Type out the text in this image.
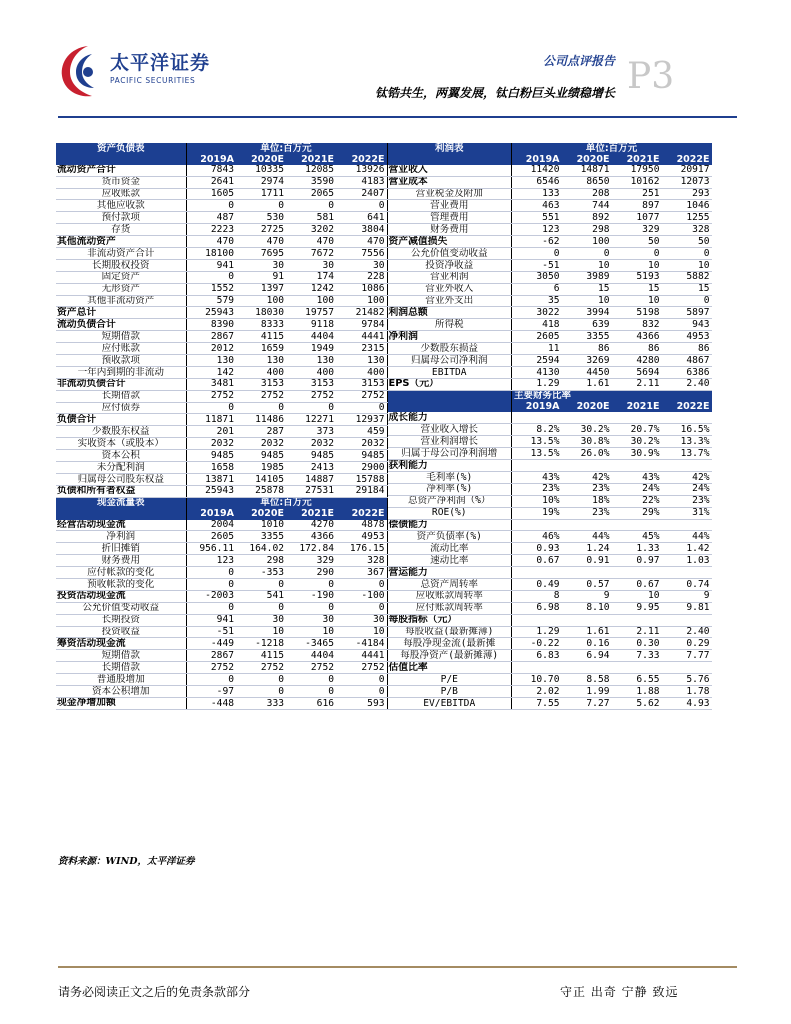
太平洋证券
PACIFIC SECURITIES
公司点评报告
钛锆共生，两翼发展，钛白粉巨头业绩稳增长 P3
资产负债表		单位:百万元		
	2019A	2020E	2021E	2022E
流动资产合计	7843	10335	12085	13926
货币资金	2641	2974	3590	4183
应收账款	1605	1711	2065	2407
其他应收款	0	0	0	0
预付款项	487	530	581	641
存货	2223	2725	3202	3804
其他流动资产	470	470	470	470
非流动资产合计	18100	7695	7672	7556
长期股权投资	941	30	30	30
固定资产	0	91	174	228
无形资产	1552	1397	1242	1086
其他非流动资产	579	100	100	100
资产总计	25943	18030	19757	21482
流动负债合计	8390	8333	9118	9784
短期借款	2867	4115	4404	4441
应付账款	2012	1659	1949	2315
预收款项	130	130	130	130
一年内到期的非流动	142	400	400	400
非流动负债合计	3481	3153	3153	3153
长期借款	2752	2752	2752	2752
应付债券	0	0	0	0
负债合计	11871	11486	12271	12937
少数股东权益	201	287	373	459
实收资本（或股本）	2032	2032	2032	2032
资本公积	9485	9485	9485	9485
未分配利润	1658	1985	2413	2900
归属母公司股东权益	13871	14105	14887	15788
负债和所有者权益	25943	25878	27531	29184
现金流量表		单位:百万元		
	2019A	2020E	2021E	2022E
经营活动现金流	2004	1010	4270	4878
净利润	2605	3355	4366	4953
折旧摊销	956.11	164.02	172.84	176.15
财务费用	123	298	329	328
应付帐款的变化	0	-353	290	367
预收帐款的变化	0	0	0	0
投资活动现金流	-2003	541	-190	-100
公允价值变动收益	0	0	0	0
长期投资	941	30	30	30
投资收益	-51	10	10	10
筹资活动现金流	-449	-1218	-3465	-4184
短期借款	2867	4115	4404	4441
长期借款	2752	2752	2752	2752
普通股增加	0	0	0	0
资本公积增加	-97	0	0	0
现金净增加额	-448	333	616	593
利润表		单位:百万元		
	2019A	2020E	2021E	2022E
营业收入	11420	14871	17950	20917
营业成本	6546	8650	10162	12073
营业税金及附加	133	208	251	293
营业费用	463	744	897	1046
管理费用	551	892	1077	1255
财务费用	123	298	329	328
资产减值损失	-62	100	50	50
公允价值变动收益	0	0	0	0
投资净收益	-51	10	10	10
营业利润	3050	3989	5193	5882
营业外收入	6	15	15	15
营业外支出	35	10	10	0
利润总额	3022	3994	5198	5897
所得税	418	639	832	943
净利润	2605	3355	4366	4953
少数股东损益	11	86	86	86
归属母公司净利润	2594	3269	4280	4867
EBITDA	4130	4450	5694	6386
EPS（元）	1.29	1.61	2.11	2.40
	主要财务比率			
	2019A	2020E	2021E	2022E
成长能力				
营业收入增长	8.2%	30.2%	20.7%	16.5%
营业利润增长	13.5%	30.8%	30.2%	13.3%
归属于母公司净利润增	13.5%	26.0%	30.9%	13.7%
获利能力				
毛利率(%)	43%	42%	43%	42%
净利率(%)	23%	23%	24%	24%
总资产净利润（%）	10%	18%	22%	23%
ROE(%)	19%	23%	29%	31%
偿债能力				
资产负债率(%)	46%	44%	45%	44%
流动比率	0.93	1.24	1.33	1.42
速动比率	0.67	0.91	0.97	1.03
营运能力				
总资产周转率	0.49	0.57	0.67	0.74
应收账款周转率	8	9	10	9
应付账款周转率	6.98	8.10	9.95	9.81
每股指标（元）				
每股收益(最新摊薄)	1.29	1.61	2.11	2.40
每股净现金流(最新摊	-0.22	0.16	0.30	0.29
每股净资产(最新摊薄)	6.83	6.94	7.33	7.77
估值比率				
P/E	10.70	8.58	6.55	5.76
P/B	2.02	1.99	1.88	1.78
EV/EBITDA	7.55	7.27	5.62	4.93
资料来源：WIND，太平洋证券
请务必阅读正文之后的免责条款部分	守正 出奇 宁静 致远
